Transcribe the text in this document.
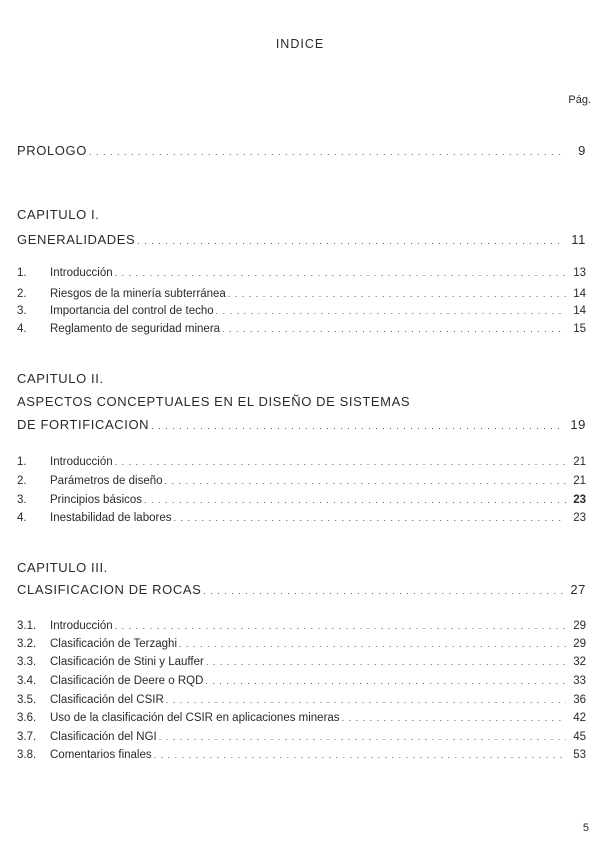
INDICE
Pág.
PROLOGO . . .	9
CAPITULO I.
GENERALIDADES . . .	11
1.	Introducción . . .	13
2.	Riesgos de la minería subterránea . . .	14
3.	Importancia del control de techo . . .	14
4.	Reglamento de seguridad minera . . .	15
CAPITULO II.
ASPECTOS CONCEPTUALES EN EL DISEÑO DE SISTEMAS
DE FORTIFICACION . . .	19
1.	Introducción . . .	21
2.	Parámetros de diseño . . .	21
3.	Principios básicos . . .	23
4.	Inestabilidad de labores . . .	23
CAPITULO III.
CLASIFICACION DE ROCAS . . .	27
3.1.	Introducción . . .	29
3.2.	Clasificación de Terzaghi . . .	29
3.3.	Clasificación de Stini y Lauffer . . .	32
3.4.	Clasificación de Deere o RQD . . .	33
3.5.	Clasificación del CSIR . . .	36
3.6.	Uso de la clasificación del CSIR en aplicaciones mineras . . .	42
3.7.	Clasificación del NGI . . .	45
3.8.	Comentarios finales . . .	53
5
